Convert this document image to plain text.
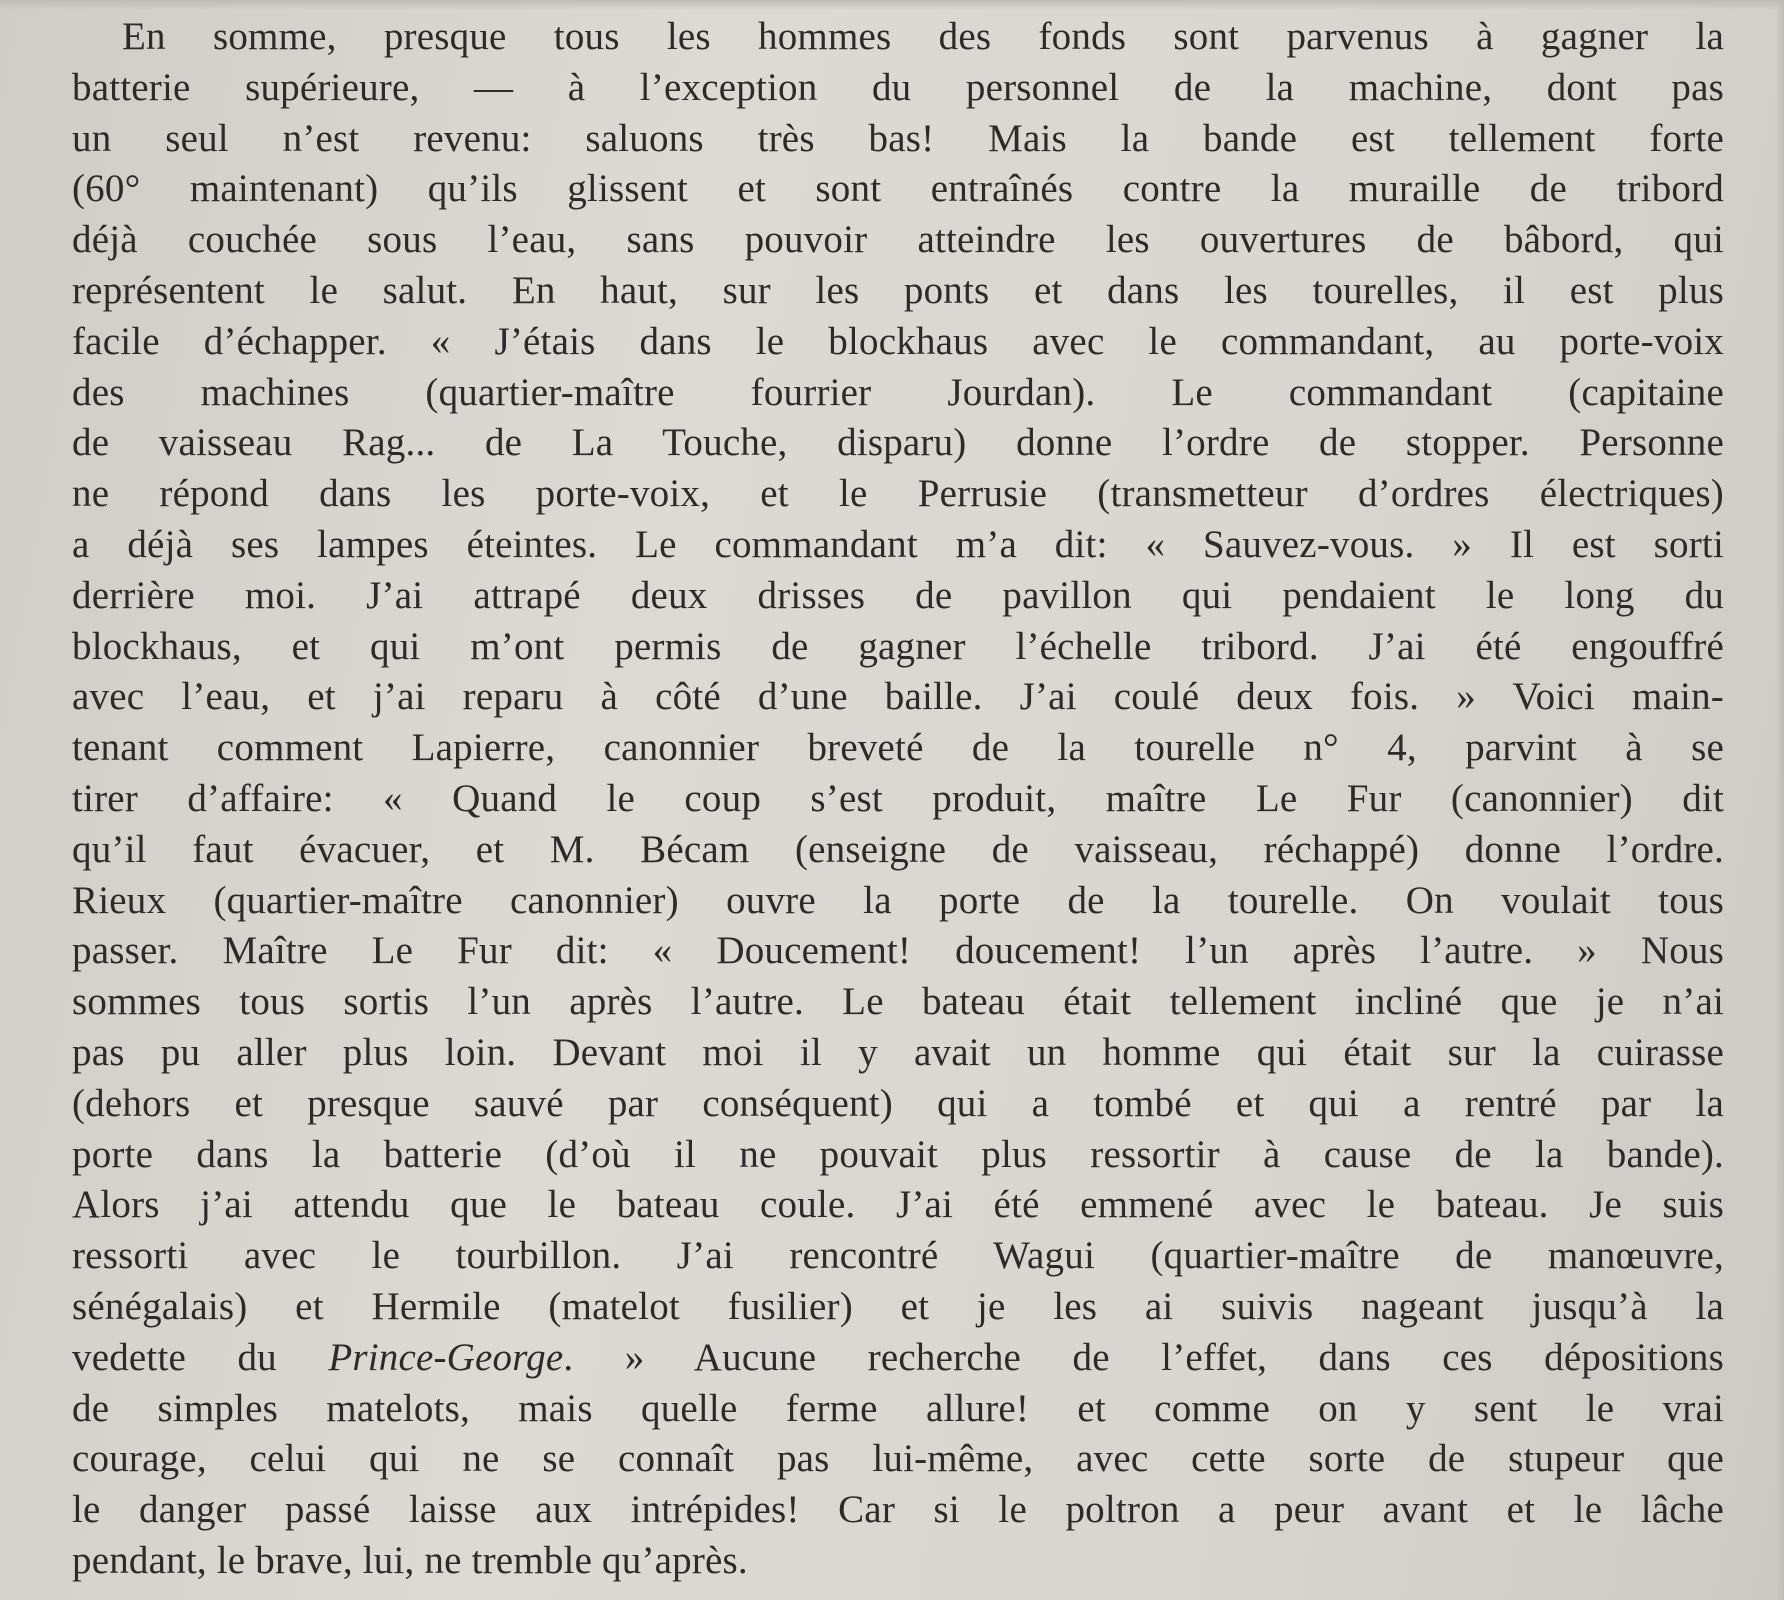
En somme, presque tous les hommes des fonds sont parvenus à gagner la
batterie supérieure, — à l’exception du personnel de la machine, dont pas
un seul n’est revenu: saluons très bas! Mais la bande est tellement forte
(60° maintenant) qu’ils glissent et sont entraînés contre la muraille de tribord
déjà couchée sous l’eau, sans pouvoir atteindre les ouvertures de bâbord, qui
représentent le salut. En haut, sur les ponts et dans les tourelles, il est plus
facile d’échapper. « J’étais dans le blockhaus avec le commandant, au porte-voix
des machines (quartier-maître fourrier Jourdan). Le commandant (capitaine
de vaisseau Rag... de La Touche, disparu) donne l’ordre de stopper. Personne
ne répond dans les porte-voix, et le Perrusie (transmetteur d’ordres électriques)
a déjà ses lampes éteintes. Le commandant m’a dit: « Sauvez-vous. » Il est sorti
derrière moi. J’ai attrapé deux drisses de pavillon qui pendaient le long du
blockhaus, et qui m’ont permis de gagner l’échelle tribord. J’ai été engouffré
avec l’eau, et j’ai reparu à côté d’une baille. J’ai coulé deux fois. » Voici main-
tenant comment Lapierre, canonnier breveté de la tourelle n° 4, parvint à se
tirer d’affaire: « Quand le coup s’est produit, maître Le Fur (canonnier) dit
qu’il faut évacuer, et M. Bécam (enseigne de vaisseau, réchappé) donne l’ordre.
Rieux (quartier-maître canonnier) ouvre la porte de la tourelle. On voulait tous
passer. Maître Le Fur dit: « Doucement! doucement! l’un après l’autre. » Nous
sommes tous sortis l’un après l’autre. Le bateau était tellement incliné que je n’ai
pas pu aller plus loin. Devant moi il y avait un homme qui était sur la cuirasse
(dehors et presque sauvé par conséquent) qui a tombé et qui a rentré par la
porte dans la batterie (d’où il ne pouvait plus ressortir à cause de la bande).
Alors j’ai attendu que le bateau coule. J’ai été emmené avec le bateau. Je suis
ressorti avec le tourbillon. J’ai rencontré Wagui (quartier-maître de manœuvre,
sénégalais) et Hermile (matelot fusilier) et je les ai suivis nageant jusqu’à la
vedette du Prince-George. » Aucune recherche de l’effet, dans ces dépositions
de simples matelots, mais quelle ferme allure! et comme on y sent le vrai
courage, celui qui ne se connaît pas lui-même, avec cette sorte de stupeur que
le danger passé laisse aux intrépides! Car si le poltron a peur avant et le lâche
pendant, le brave, lui, ne tremble qu’après.
